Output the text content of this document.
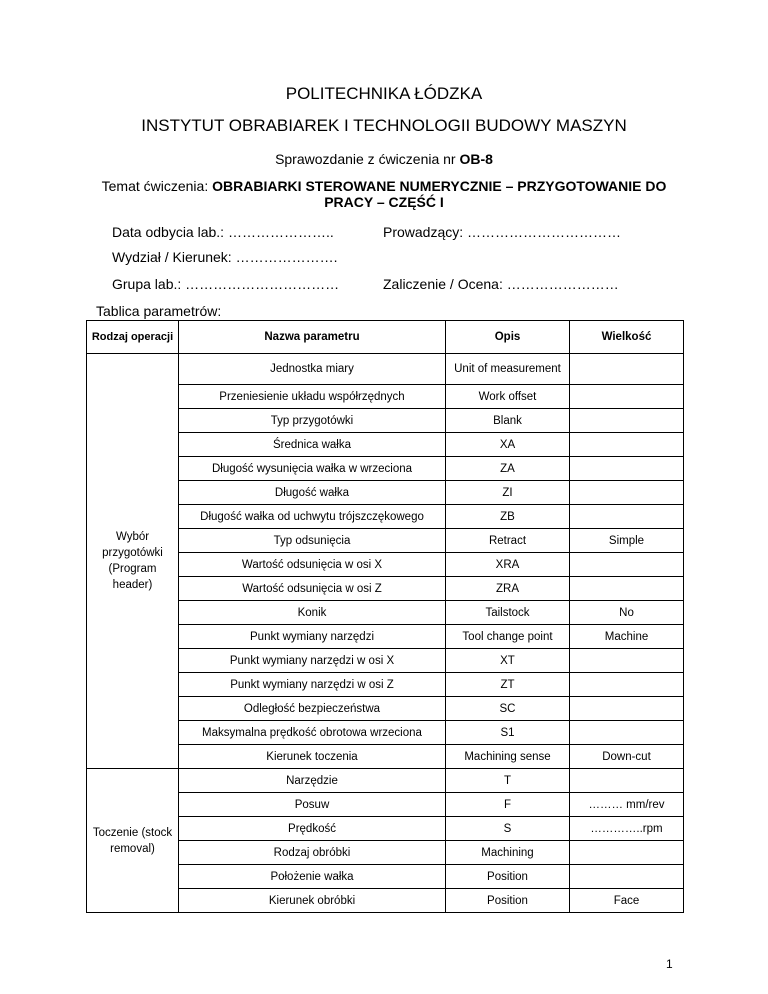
POLITECHNIKA ŁÓDZKA
INSTYTUT OBRABIAREK I TECHNOLOGII BUDOWY MASZYN
Sprawozdanie z ćwiczenia nr OB-8
Temat ćwiczenia: OBRABIARKI STEROWANE NUMERYCZNIE – PRZYGOTOWANIE DO PRACY – CZĘŚĆ I
Data odbycia lab.: …………………..	Prowadzący: ……………………………
Wydział / Kierunek: ………………….
Grupa lab.: ……………………………	Zaliczenie / Ocena: ……………………
Tablica parametrów:
Rodzaj operacji	Nazwa parametru	Opis	Wielkość
Wybór przygotówki (Program header)	Jednostka miary	Unit of measurement	
	Przeniesienie układu współrzędnych	Work offset	
	Typ przygotówki	Blank	
	Średnica wałka	XA	
	Długość wysunięcia wałka w wrzeciona	ZA	
	Długość wałka	ZI	
	Długość wałka od uchwytu trójszczękowego	ZB	
	Typ odsunięcia	Retract	Simple
	Wartość odsunięcia w osi X	XRA	
	Wartość odsunięcia w osi Z	ZRA	
	Konik	Tailstock	No
	Punkt wymiany narzędzi	Tool change point	Machine
	Punkt wymiany narzędzi w osi X	XT	
	Punkt wymiany narzędzi w osi Z	ZT	
	Odległość bezpieczeństwa	SC	
	Maksymalna prędkość obrotowa wrzeciona	S1	
	Kierunek toczenia	Machining sense	Down-cut
Toczenie (stock removal)	Narzędzie	T	
	Posuw	F	……… mm/rev
	Prędkość	S	…………..rpm
	Rodzaj obróbki	Machining	
	Położenie wałka	Position	
	Kierunek obróbki	Position	Face
1
